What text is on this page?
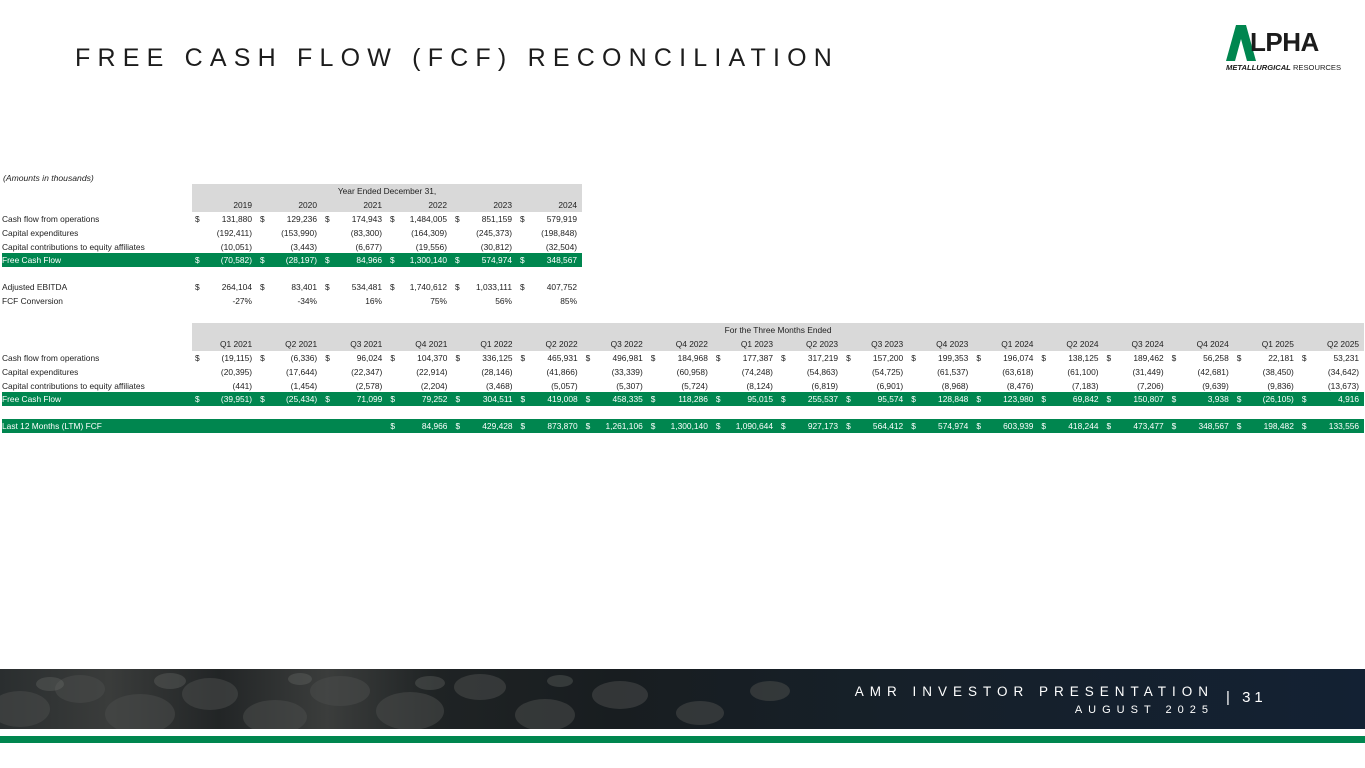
FREE CASH FLOW (FCF) RECONCILIATION
LPHA
METALLURGICAL RESOURCES
(Amounts in thousands)
	Year Ended December 31,					
	2019	2020	2021	2022	2023	2024
Cash flow from operations	$ 131,880	$ 129,236	$ 174,943	$ 1,484,005	$ 851,159	$ 579,919

Capital expenditures	(192,411)	(153,990)	(83,300)	(164,309)	(245,373)	(198,848)

Capital contributions to equity affiliates	(10,051)	(3,443)	(6,677)	(19,556)	(30,812)	(32,504)

Free Cash Flow	$ (70,582)	$ (28,197)	$ 84,966	$ 1,300,140	$ 574,974	$ 348,567

Adjusted EBITDA	$ 264,104	$ 83,401	$ 534,481	$ 1,740,612	$ 1,033,111	$ 407,752

FCF Conversion	-27%	-34%	16%	75%	56%	85%
	For the Three Months Ended																	
	Q1 2021	Q2 2021	Q3 2021	Q4 2021	Q1 2022	Q2 2022	Q3 2022	Q4 2022	Q1 2023	Q2 2023	Q3 2023	Q4 2023	Q1 2024	Q2 2024	Q3 2024	Q4 2024	Q1 2025	Q2 2025
Cash flow from operations	$ (19,115)	$ (6,336)	$ 96,024	$ 104,370	$ 336,125	$ 465,931	$ 496,981	$ 184,968	$ 177,387	$ 317,219	$ 157,200	$ 199,353	$ 196,074	$ 138,125	$ 189,462	$ 56,258	$ 22,181	$ 53,231

Capital expenditures	(20,395)	(17,644)	(22,347)	(22,914)	(28,146)	(41,866)	(33,339)	(60,958)	(74,248)	(54,863)	(54,725)	(61,537)	(63,618)	(61,100)	(31,449)	(42,681)	(38,450)	(34,642)

Capital contributions to equity affiliates	(441)	(1,454)	(2,578)	(2,204)	(3,468)	(5,057)	(5,307)	(5,724)	(8,124)	(6,819)	(6,901)	(8,968)	(8,476)	(7,183)	(7,206)	(9,639)	(9,836)	(13,673)

Free Cash Flow	$ (39,951)	$ (25,434)	$ 71,099	$ 79,252	$ 304,511	$ 419,008	$ 458,335	$ 118,286	$ 95,015	$ 255,537	$ 95,574	$ 128,848	$ 123,980	$ 69,842	$ 150,807	$ 3,938	$ (26,105)	$ 4,916

Last 12 Months (LTM) FCF				$ 84,966	$ 429,428	$ 873,870	$ 1,261,106	$ 1,300,140	$ 1,090,644	$ 927,173	$ 564,412	$ 574,974	$ 603,939	$ 418,244	$ 473,477	$ 348,567	$ 198,482	$ 133,556
AMR INVESTOR PRESENTATION
AUGUST 2025
| 31
